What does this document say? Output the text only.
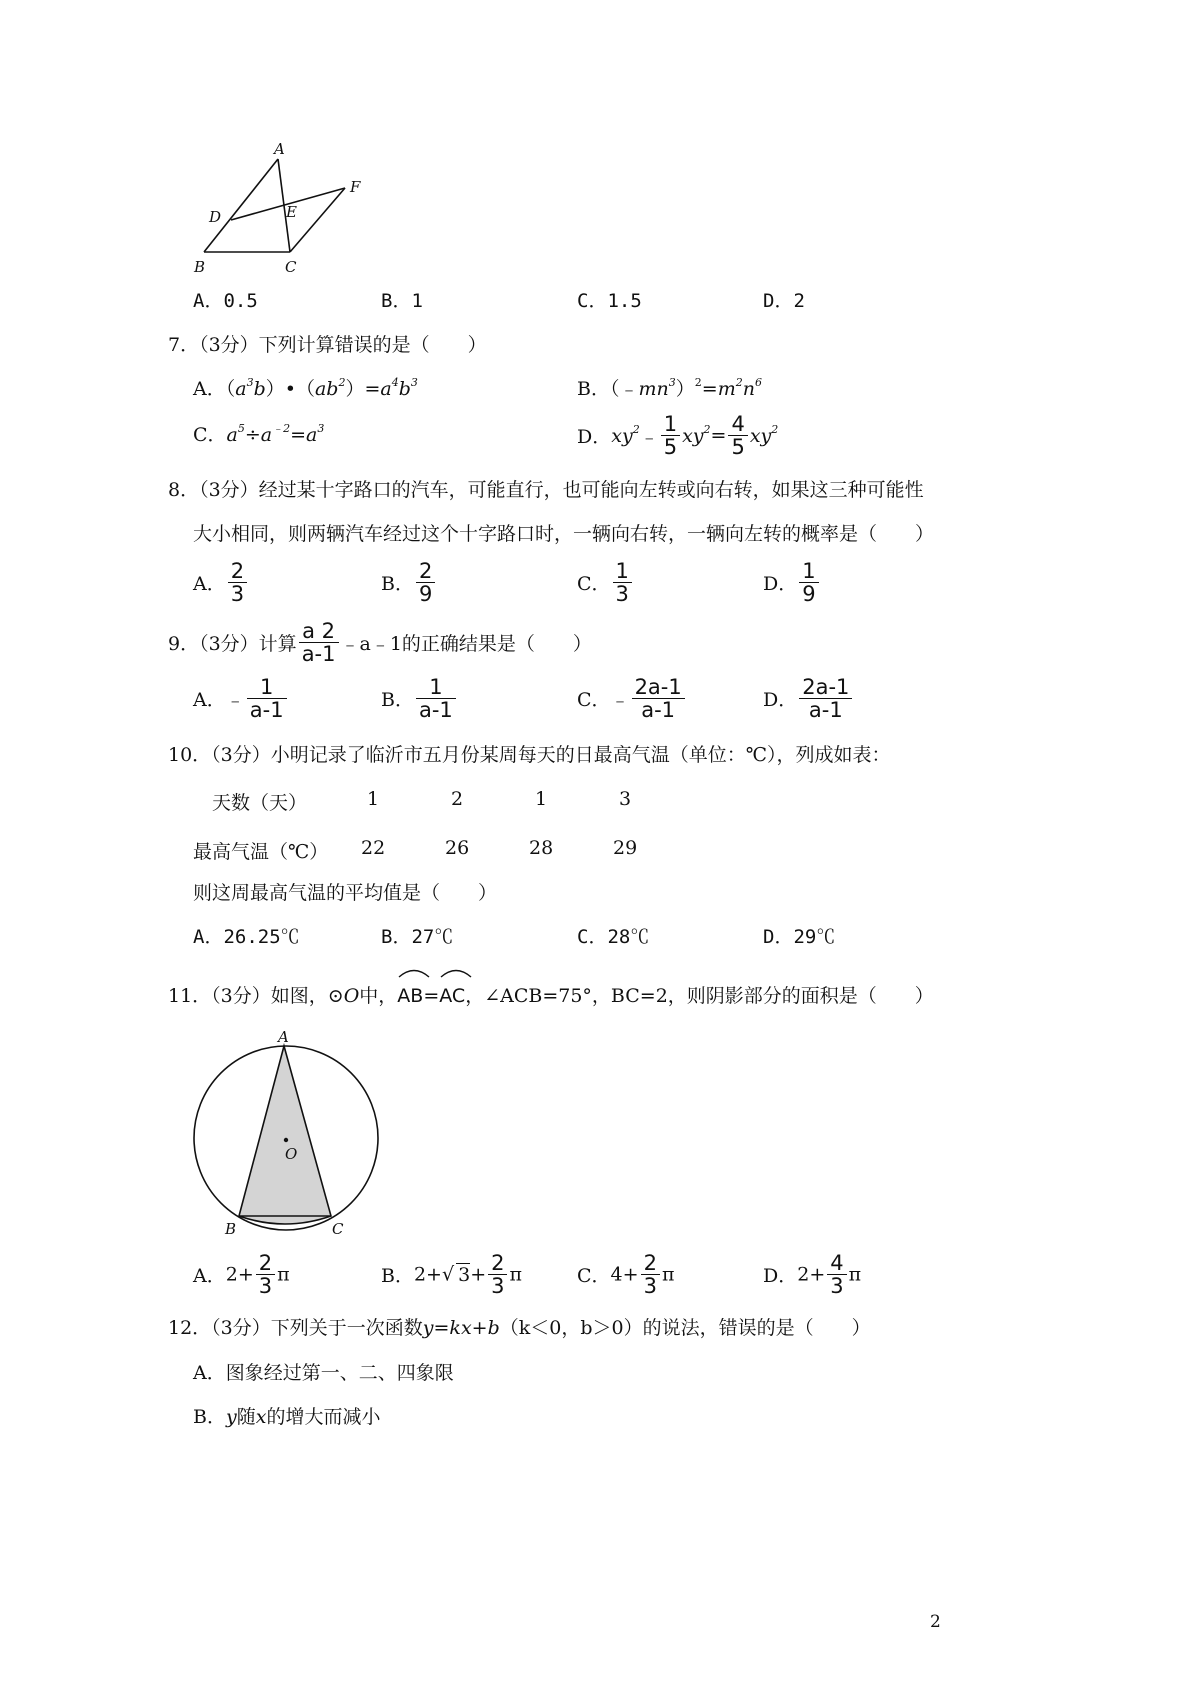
A
F
D	E
B	C
A．0.5	B．1	C．1.5	D．2
7．（3分）下列计算错误的是（　　）
A．$(a^3b)•(ab^2)=a^4b^3$	B．$(﹣mn^3)^2=m^2n^6$
C．$a^5\div a^{﹣2}=a^3$	D．$xy^2﹣ \frac{1}{5} xy^2= \frac{4}{5} xy^2$
8．（3分）经过某十字路口的汽车，可能直行，也可能向左转或向右转，如果这三种可能性
大小相同，则两辆汽车经过这个十字路口时，一辆向右转，一辆向左转的概率是（　　）
A． $\frac{2}{3}$	B． $\frac{2}{9}$	C． $\frac{1}{3}$	D． $\frac{1}{9}$
9．（3分）计算 $\frac{a 2}{a-1}$ ﹣a﹣1的正确结果是（　　）
A．﹣ $\frac{1}{a-1}$	B． $\frac{1}{a-1}$	C．﹣ $\frac{2a-1}{a-1}$	D． $\frac{2a-1}{a-1}$
10．（3分）小明记录了临沂市五月份某周每天的日最高气温（单位：℃），列成如表：
天数（天）	1	2	1	3
最高气温（℃） 22	26	28	29
则这周最高气温的平均值是（　　）
A．26.25℃	B．27℃	C．28℃	D．29℃
11．（3分）如图，⊙O中，
AB=
AC，∠ACB=75°，BC=2，则阴影部分的面积是（　　）
A
O
B	C
A．$2+ \frac{2}{3}$ π	B．2+√ $3+ \frac{2}{3}$ π	C．$4+ \frac{2}{3}$ π	D．$2+ \frac{4}{3}$ π
12．（3分）下列关于一次函数y=kx+b（k＜0，b＞0）的说法，错误的是（　　）
A．图象经过第一、二、四象限
B．y随x的增大而减小
2
